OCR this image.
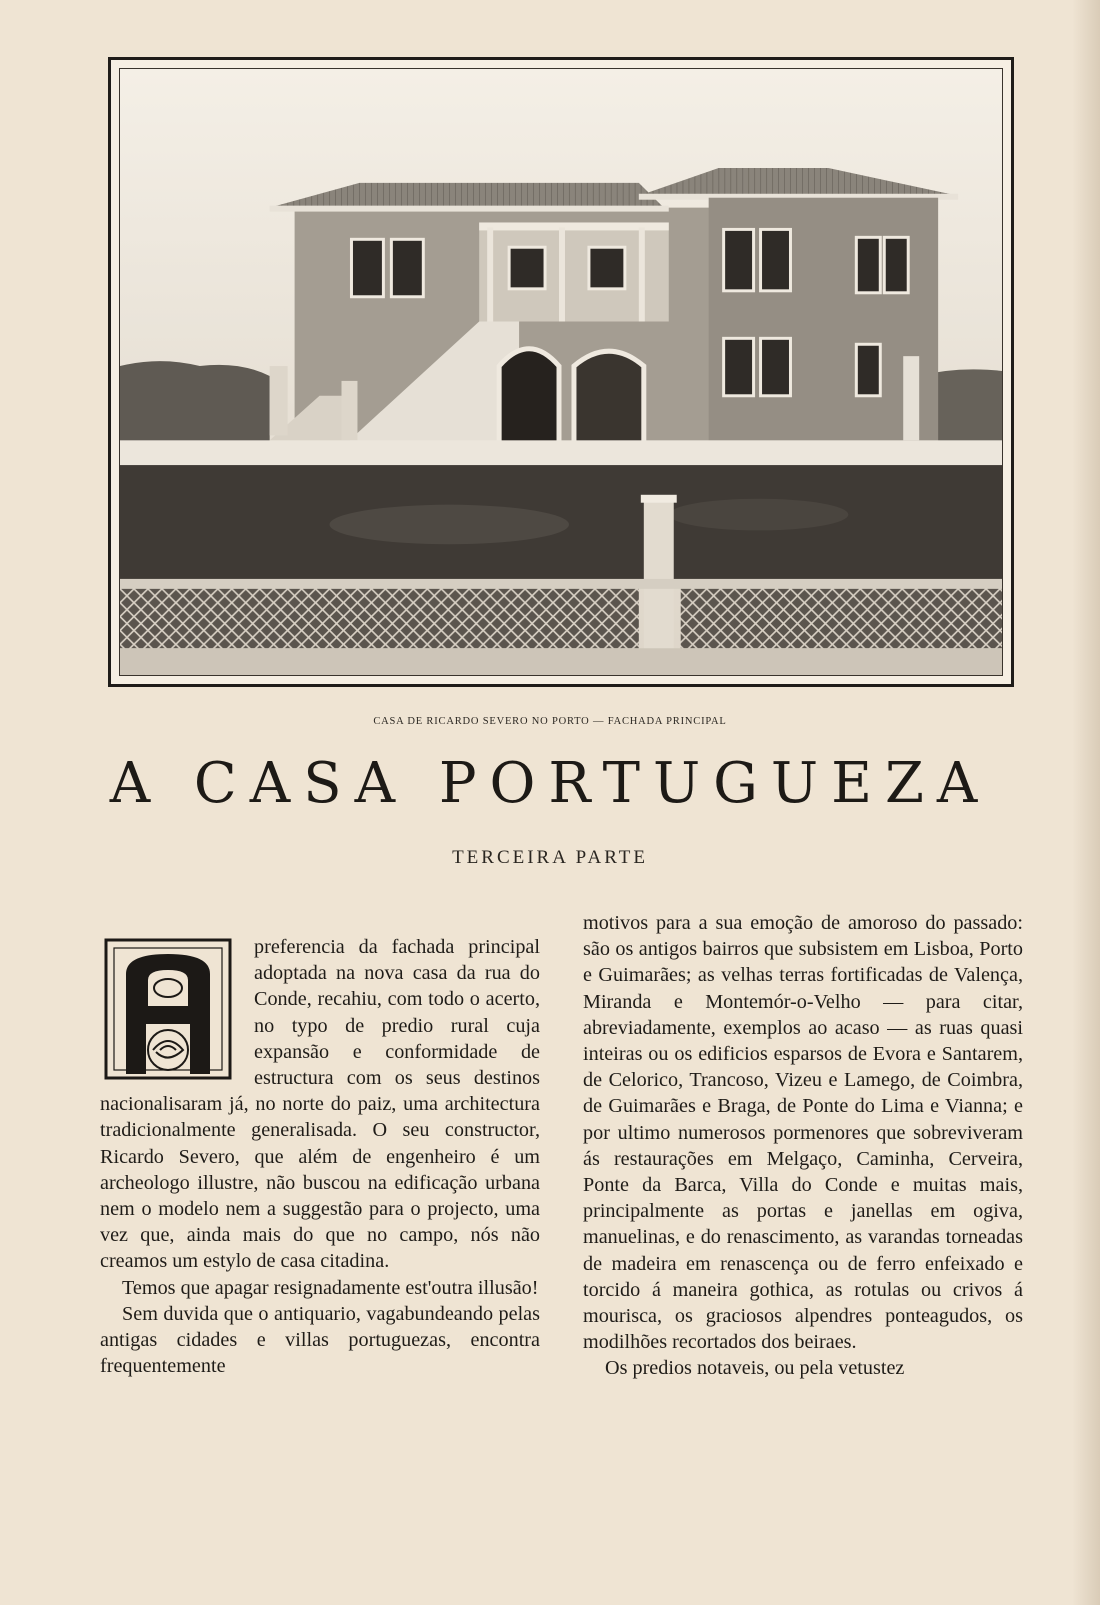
CASA DE RICARDO SEVERO NO PORTO — FACHADA PRINCIPAL
A CASA PORTUGUEZA
TERCEIRA PARTE

preferencia da fachada principal adoptada na nova casa da rua do Conde, recahiu, com todo o acerto, no typo de predio rural cuja expansão e conformidade de estructura com os seus destinos nacionalisaram já, no norte do paiz, uma architectura tradicionalmente generalisada. O seu constructor, Ricardo Severo, que além de engenheiro é um archeologo illustre, não buscou na edificação urbana nem o modelo nem a suggestão para o projecto, uma vez que, ainda mais do que no campo, nós não creamos um estylo de casa citadina.

Temos que apagar resignadamente est'outra illusão!

Sem duvida que o antiquario, vagabundeando pelas antigas cidades e villas portuguezas, encontra frequentemente

motivos para a sua emoção de amoroso do passado: são os antigos bairros que subsistem em Lisboa, Porto e Guimarães; as velhas terras fortificadas de Valença, Miranda e Montemór-o-Velho — para citar, abreviadamente, exemplos ao acaso — as ruas quasi inteiras ou os edificios esparsos de Evora e Santarem, de Celorico, Trancoso, Vizeu e Lamego, de Coimbra, de Guimarães e Braga, de Ponte do Lima e Vianna; e por ultimo numerosos pormenores que sobreviveram ás restaurações em Melgaço, Caminha, Cerveira, Ponte da Barca, Villa do Conde e muitas mais, principalmente as portas e janellas em ogiva, manuelinas, e do renascimento, as varandas torneadas de madeira em renascença ou de ferro enfeixado e torcido á maneira gothica, as rotulas ou crivos á mourisca, os graciosos alpendres ponteagudos, os modilhões recortados dos beiraes.

Os predios notaveis, ou pela vetustez
